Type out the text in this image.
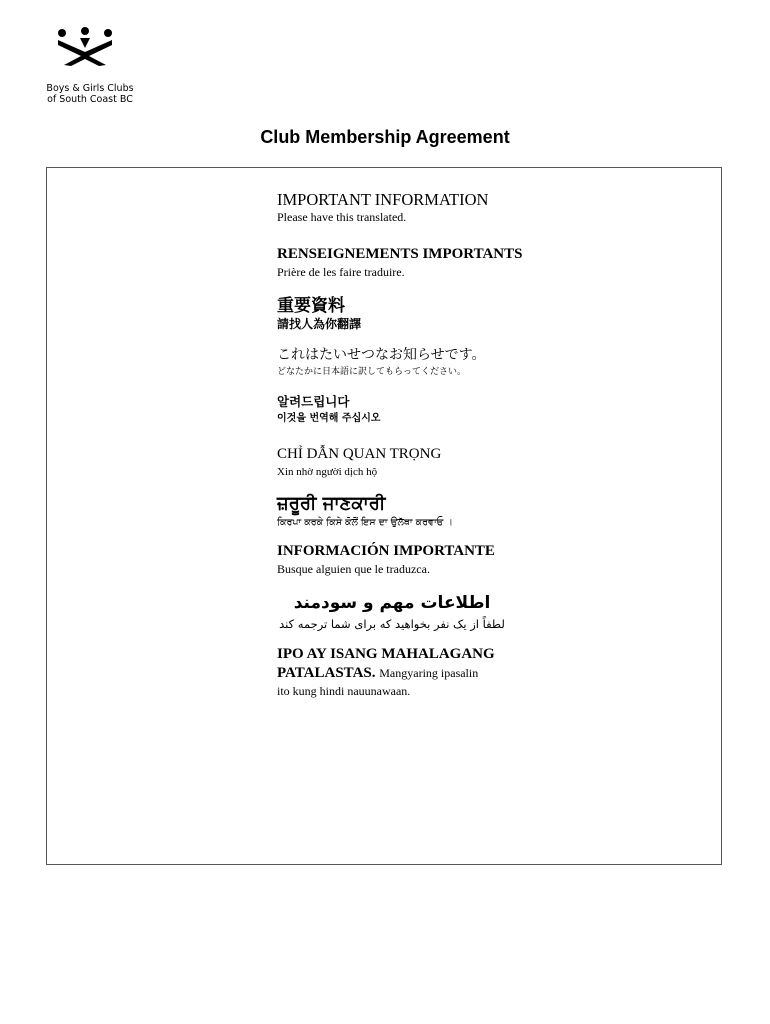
Boys & Girls Clubs
of South Coast BC
Club Membership Agreement
IMPORTANT INFORMATION
Please have this translated.
RENSEIGNEMENTS IMPORTANTS
Prière de les faire traduire.
重要資料
請找人為你翻譯
これはたいせつなお知らせです。
どなたかに日本語に訳してもらってください。
알려드립니다
이것을 번역해 주십시오
CHỈ DẪN QUAN TRỌNG
Xin nhờ người dịch hộ
ਜ਼ਰੂਰੀ ਜਾਣਕਾਰੀ
ਕਿਰਪਾ ਕਰਕੇ ਕਿਸੇ ਕੋਲੋਂ ਇਸ ਦਾ ਉਲੱਥਾ ਕਰਵਾਓ ।
INFORMACIÓN IMPORTANTE
Busque alguien que le traduzca.
اطلاعات مهم و سودمند
لطفاً از یک نفر بخواهید که برای شما ترجمه کند
IPO AY ISANG MAHALAGANG
PATALASTAS. Mangyaring ipasalin
ito kung hindi nauunawaan.
